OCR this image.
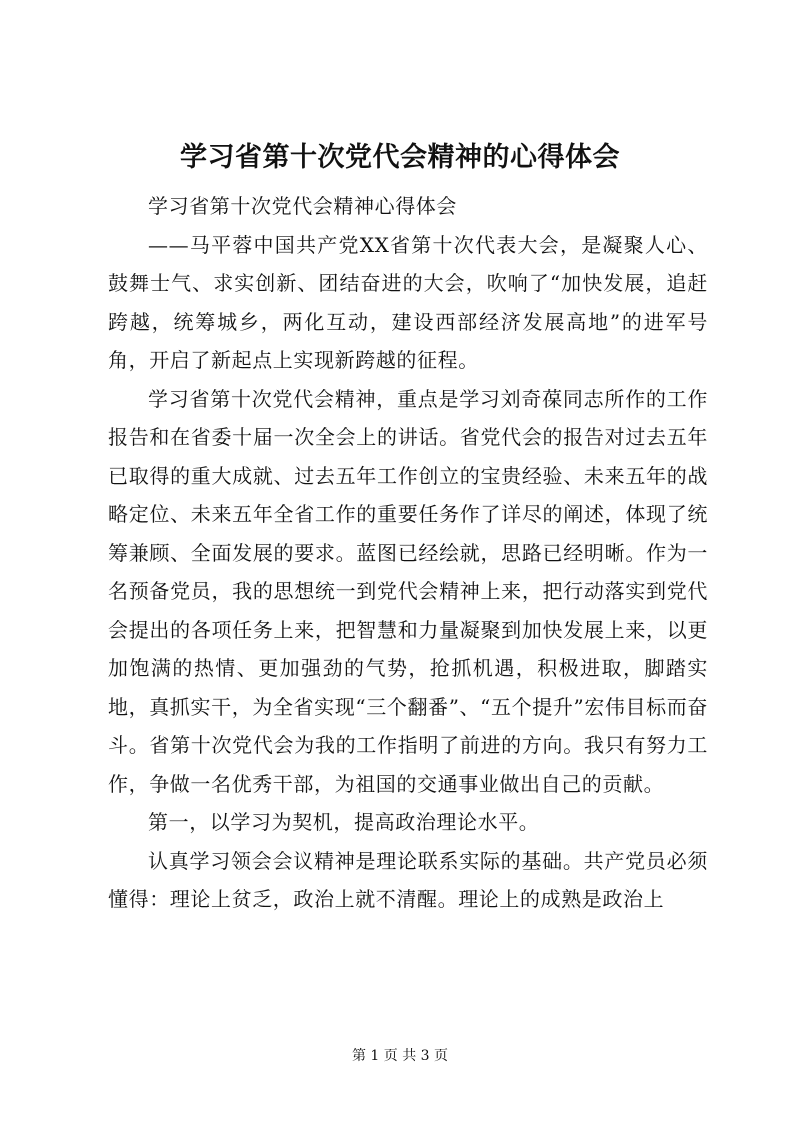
学习省第十次党代会精神的心得体会

学习省第十次党代会精神心得体会

——马平蓉中国共产党XX省第十次代表大会，是凝聚人心、鼓舞士气、求实创新、团结奋进的大会，吹响了“加快发展，追赶跨越，统筹城乡，两化互动，建设西部经济发展高地”的进军号角，开启了新起点上实现新跨越的征程。

学习省第十次党代会精神，重点是学习刘奇葆同志所作的工作报告和在省委十届一次全会上的讲话。省党代会的报告对过去五年已取得的重大成就、过去五年工作创立的宝贵经验、未来五年的战略定位、未来五年全省工作的重要任务作了详尽的阐述，体现了统筹兼顾、全面发展的要求。蓝图已经绘就，思路已经明晰。作为一名预备党员，我的思想统一到党代会精神上来，把行动落实到党代会提出的各项任务上来，把智慧和力量凝聚到加快发展上来，以更加饱满的热情、更加强劲的气势，抢抓机遇，积极进取，脚踏实地，真抓实干，为全省实现“三个翻番”、“五个提升”宏伟目标而奋斗。省第十次党代会为我的工作指明了前进的方向。我只有努力工作，争做一名优秀干部，为祖国的交通事业做出自己的贡献。

第一，以学习为契机，提高政治理论水平。

认真学习领会会议精神是理论联系实际的基础。共产党员必须懂得：理论上贫乏，政治上就不清醒。理论上的成熟是政治上

第 1 页 共 3 页
